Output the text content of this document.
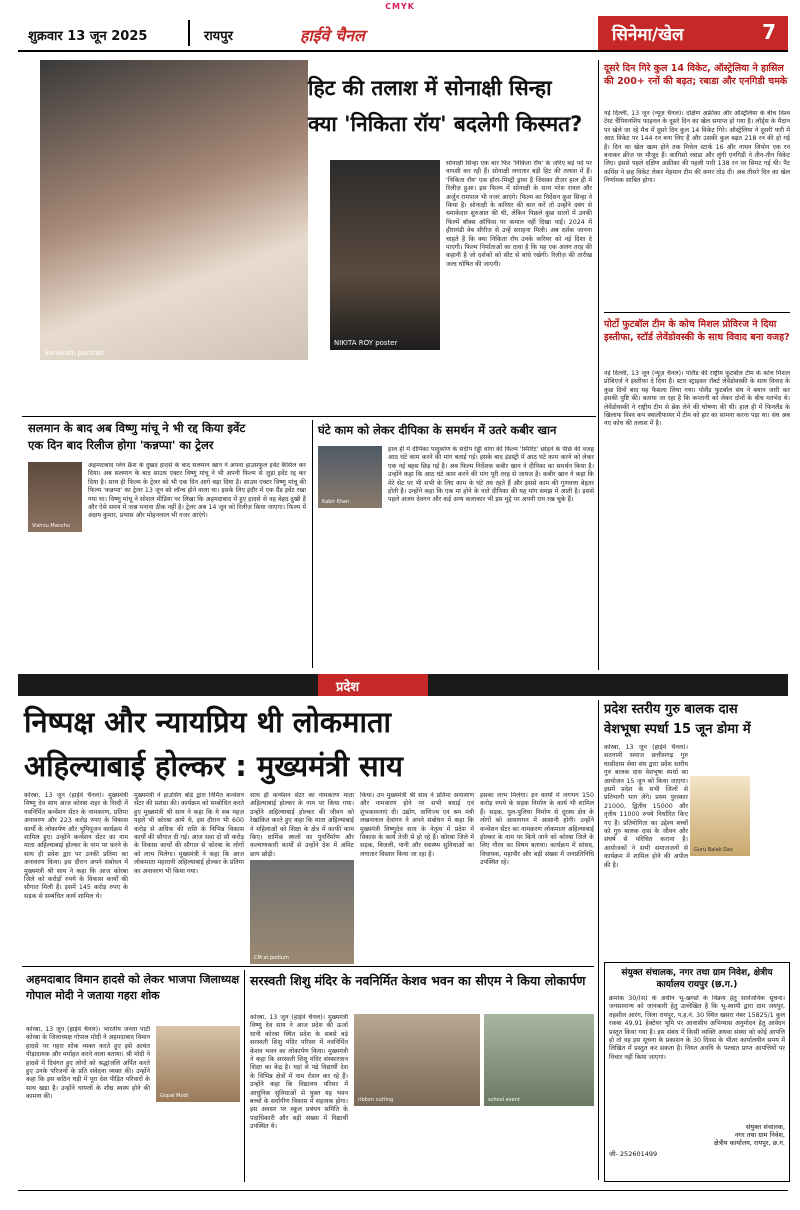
CMYK
शुक्रवार 13 जून 2025	रायपुर	हाईवे चैनल	सिनेमा/खेल	7
Sonakshi portrait
हिट की तलाश में सोनाक्षी सिन्हा
क्या 'निकिता रॉय' बदलेगी किस्मत?
NIKITA ROY poster
सोनाक्षी सिन्हा एक बार फिर 'निकिता रॉय' के जरिए बड़े पर्दे पर वापसी कर रही हैं। सोनाक्षी लगातार बड़ी हिट की तलाश में हैं। 'निकिता रॉय' एक हॉरर-मिस्ट्री ड्रामा है जिसका टीज़र हाल ही में रिलीज़ हुआ। इस फिल्म में सोनाक्षी के साथ परेश रावल और अर्जुन रामपाल भी नजर आएंगे। फिल्म का निर्देशन कुश सिन्हा ने किया है। सोनाक्षी के करियर की बात करें तो उन्होंने दबंग से धमाकेदार शुरुआत की थी, लेकिन पिछले कुछ सालों में उनकी फिल्में बॉक्स ऑफिस पर कमाल नहीं दिखा पाईं। 2024 में हीरामंडी वेब सीरीज से उन्हें सराहना मिली। अब दर्शक जानना चाहते हैं कि क्या निकिता रॉय उनके करियर को नई दिशा दे पाएगी। फिल्म निर्माताओं का दावा है कि यह एक अलग तरह की कहानी है जो दर्शकों को सीट से बांधे रखेगी। रिलीज़ की तारीख जल्द घोषित की जाएगी।
दूसरे दिन गिरे कुल 14 विकेट, ऑस्ट्रेलिया ने हासिल की 200+ रनों की बढ़त; रबाडा और एनगिडी चमके
नई दिल्ली, 13 जून (न्यूज़ चैनल)। दक्षिण अफ्रीका और ऑस्ट्रेलिया के बीच विश्व टेस्ट चैंपियनशिप फाइनल के दूसरे दिन का खेल समाप्त हो गया है। लॉर्ड्स के मैदान पर खेले जा रहे मैच में दूसरे दिन कुल 14 विकेट गिरे। ऑस्ट्रेलिया ने दूसरी पारी में आठ विकेट पर 144 रन बना लिए हैं और उसकी कुल बढ़त 218 रन की हो गई है। दिन का खेल खत्म होने तक मिचेल स्टार्क 16 और नाथन लियोन एक रन बनाकर क्रीज पर मौजूद हैं। कागिसो रबाडा और लुंगी एनगिडी ने तीन-तीन विकेट लिए। इससे पहले दक्षिण अफ्रीका की पहली पारी 138 रन पर सिमट गई थी। पैट कमिंस ने छह विकेट लेकर मेहमान टीम की कमर तोड़ दी। अब तीसरे दिन का खेल निर्णायक साबित होगा।
पोर्टो फुटबॉल टीम के कोच मिशल प्रोविरज ने दिया इस्तीफा, स्टॉर्ड लेवेंडोवस्की के साथ विवाद बना वजह?
नई दिल्ली, 13 जून (न्यूज़ चैनल)। पोलैंड की राष्ट्रीय फुटबॉल टीम के कोच मिशल प्रोबिएर्ज ने इस्तीफा दे दिया है। स्टार स्ट्राइकर रॉबर्ट लेवेंडोवस्की के साथ विवाद के कुछ दिनों बाद यह फैसला लिया गया। पोलैंड फुटबॉल संघ ने बयान जारी कर इसकी पुष्टि की। बताया जा रहा है कि कप्तानी को लेकर दोनों के बीच मतभेद थे। लेवेंडोवस्की ने राष्ट्रीय टीम से ब्रेक लेने की घोषणा की थी। हाल ही में फिनलैंड के खिलाफ विश्व कप क्वालीफायर में टीम को हार का सामना करना पड़ा था। संघ अब नए कोच की तलाश में है।
सलमान के बाद अब विष्णु मांचू ने भी रद्द किया इवेंट
एक दिन बाद रिलीज होगा 'कन्नप्पा' का ट्रेलर
Vishnu Manchu
अहमदाबाद प्लेन क्रैश के दुखद हादसे के बाद सलमान खान ने अपना हाउसफुल इवेंट कैंसिल कर दिया। अब सलमान के बाद साउथ एक्टर विष्णु मांचू ने भी अपनी फिल्म से जुड़ा इवेंट रद्द कर दिया है। साथ ही फिल्म के ट्रेलर को भी एक दिन आगे बढ़ा दिया है। साउथ एक्टर विष्णु मांचू की फिल्म 'कन्नप्पा' का ट्रेलर 13 जून को लॉन्च होने वाला था। इसके लिए इंदौर में एक ग्रैंड इवेंट रखा गया था। विष्णु मांचू ने सोशल मीडिया पर लिखा कि अहमदाबाद में हुए हादसे से वह बेहद दुखी हैं और ऐसे समय में जश्न मनाना ठीक नहीं है। ट्रेलर अब 14 जून को रिलीज़ किया जाएगा। फिल्म में अक्षय कुमार, प्रभास और मोहनलाल भी नजर आएंगे।
घंटे काम को लेकर दीपिका के समर्थन में उतरे कबीर खान
Kabir Khan
हाल ही में दीपिका पादुकोण के संदीप रेड्डी वांगा की फिल्म 'स्पिरिट' छोड़ने के पीछे की वजह आठ घंटे काम करने की मांग बताई गई। इसके बाद इंडस्ट्री में आठ घंटे काम करने को लेकर एक नई बहस छिड़ गई है। अब फिल्म निर्देशक कबीर खान ने दीपिका का समर्थन किया है। उन्होंने कहा कि आठ घंटे काम करने की मांग पूरी तरह से जायज है। कबीर खान ने कहा कि मेरे सेट पर भी सभी के लिए काम के घंटे तय रहते हैं और इससे काम की गुणवत्ता बेहतर होती है। उन्होंने कहा कि एक मां होने के नाते दीपिका की यह मांग समझ में आती है। इससे पहले अजय देवगन और कई अन्य कलाकार भी इस मुद्दे पर अपनी राय रख चुके हैं।
प्रदेश
निष्पक्ष और न्यायप्रिय थी लोकमाता
अहिल्याबाई होल्कर : मुख्यमंत्री साय
कोरबा, 13 जून (हाईवे चैनल)। मुख्यमंत्री विष्णु देव साय आज कोरबा शहर के रिस्दी में नवनिर्मित कन्वेंशन सेंटर के नामकरण, प्रतिमा अनावरण और 223 करोड़ रुपए के विकास कार्यों के लोकार्पण और भूमिपूजन कार्यक्रम में शामिल हुए। उन्होंने कन्वेंशन सेंटर का नाम माता अहिल्याबाई होल्कर के नाम पर करने के साथ ही प्रवेश द्वार पर उनकी प्रतिमा का अनावरण किया। इस दौरान अपने संबोधन में मुख्यमंत्री श्री साय ने कहा कि आज कोरबा जिले को करोड़ों रुपये के विकास कार्यों की सौगात मिली है। इसमें 145 करोड़ रुपए के सड़क से सम्बंधित कार्य शामिल थे।
मुख्यमंत्री ने हाउसिंग बोर्ड द्वारा निर्मित कन्वेंशन सेंटर की प्रशंसा की। कार्यक्रम को सम्बोधित करते हुए मुख्यमंत्री श्री साय ने कहा कि ये सब महज़ पहले भी कोरबा आये थे, इस दौरान भी 600 करोड़ से अधिक की राशि के विभिन्न विकास कार्यों की सौगात दी गई। आज सवा दो सौ करोड़ के विकास कार्यों की सौगात से कोरबा के लोगों को लाभ मिलेगा। मुख्यमंत्री ने कहा कि आज लोकमाता महारानी अहिल्याबाई होल्कर के प्रतिमा का अनावरण भी किया गया।
साथ ही कन्वेंशन सेंटर का नामकरण माता अहिल्याबाई होल्कर के नाम पर किया गया। उन्होंने अहिल्याबाई होल्कर की जीवन को रेखांकित करते हुए कहा कि माता अहिल्याबाई ने महिलाओं को शिक्षा के क्षेत्र में काफी काम किए। धार्मिक स्थलों का पुनर्निर्माण और कल्याणकारी कार्यों से उन्होंने देश में अमिट छाप छोड़ी।
CM at podium
किया। उप मुख्यमंत्री श्री साव ने प्रतिमा अनावरण और नामकरण होने पर सभी बधाई एवं शुभकामनाएं दी। उद्योग, वाणिज्य एवं श्रम मंत्री लखनलाल देवांगन ने अपने संबोधन में कहा कि मुख्यमंत्री विष्णुदेव साय के नेतृत्व में प्रदेश में विकास के कार्य तेजी से हो रहे हैं। कोरबा जिले में सड़क, बिजली, पानी और स्वास्थ्य सुविधाओं का लगातार विस्तार किया जा रहा है।
इसका लाभ मिलेगा। इन कार्यों में लगभग 150 करोड़ रुपये के सड़क निर्माण के कार्य भी शामिल हैं। सड़क, पुल-पुलिया निर्माण से दूरस्थ क्षेत्र के लोगों को आवागमन में आसानी होगी। उन्होंने कन्वेंशन सेंटर का नामकरण लोकमाता अहिल्याबाई होल्कर के नाम पर किये जाने को कोरबा जिले के लिए गौरव का विषय बताया। कार्यक्रम में सांसद, विधायक, महापौर और बड़ी संख्या में जनप्रतिनिधि उपस्थित रहे।
प्रदेश स्तरीय गुरु बालक दास
वेशभूषा स्पर्धा 15 जून डोमा में
Guru Balak Das
कोरबा, 13 जून (हाईवे चैनल)। सतनामी समाज छत्तीसगढ़ गुरु घासीदास सेवा संघ द्वारा प्रदेश स्तरीय गुरु बालक दास वेशभूषा स्पर्धा का आयोजन 15 जून को किया जाएगा। इसमें प्रदेश के सभी जिलों से प्रतिभागी भाग लेंगे। प्रथम पुरस्कार 21000, द्वितीय 15000 और तृतीय 11000 रुपये निर्धारित किए गए हैं। प्रतियोगिता का उद्देश्य बच्चों को गुरु बालक दास के जीवन और संघर्ष से परिचित कराना है। आयोजकों ने सभी समाजजनों से कार्यक्रम में शामिल होने की अपील की है।
संयुक्त संचालक, नगर तथा ग्राम निवेश, क्षेत्रीय कार्यालय रायपुर (छ.ग.)
क्रमांक 30/(स) के अधीन भू-खण्डों के विक्रय हेतु सार्वजनिक सूचना। जनसामान्य को जानकारी हेतु उल्लेखित है कि भू-स्वामी द्वारा ग्राम जयपुर, तहसील आरंग, जिला रायपुर, प.ह.नं. 30 स्थित खसरा नंबर 15825/1 कुल रकबा 49.91 हेक्टेयर भूमि पर आवासीय अभिन्यास अनुमोदन हेतु आवेदन प्रस्तुत किया गया है। इस संबंध में किसी व्यक्ति अथवा संस्था को कोई आपत्ति हो तो वह इस सूचना के प्रकाशन के 30 दिवस के भीतर कार्यालयीन समय में लिखित में प्रस्तुत कर सकता है। नियत अवधि के पश्चात प्राप्त आपत्तियों पर विचार नहीं किया जाएगा।
संयुक्त संचालक,
नगर तथा ग्राम निवेश,
क्षेत्रीय कार्यालय, रायपुर, छ.ग.
जी- 252601499
अहमदाबाद विमान हादसे को लेकर भाजपा जिलाध्यक्ष गोपाल मोदी ने जताया गहरा शोक
कोरबा, 13 जून (हाईवे चैनल)। भारतीय जनता पार्टी कोरबा के जिलाध्यक्ष गोपाल मोदी ने अहमदाबाद विमान हादसे पर गहरा शोक व्यक्त करते हुए इसे अत्यंत पीड़ादायक और मर्माहत करने वाला बताया। श्री मोदी ने हादसे में दिवंगत हुए लोगों को श्रद्धांजलि अर्पित करते हुए उनके परिजनों के प्रति संवेदना व्यक्त की। उन्होंने कहा कि इस कठिन घड़ी में पूरा देश पीड़ित परिवारों के साथ खड़ा है। उन्होंने घायलों के शीघ्र स्वस्थ होने की कामना की।	Gopal Modi
सरस्वती शिशु मंदिर के नवनिर्मित केशव भवन का सीएम ने किया लोकार्पण
कोरबा, 13 जून (हाईवे चैनल)। मुख्यमंत्री विष्णु देव साय ने आज प्रदेश की ऊर्जा धानी कोरबा स्थित प्रदेश के सबसे बड़े सरस्वती शिशु मंदिर परिसर में नवनिर्मित केशव भवन का लोकार्पण किया। मुख्यमंत्री ने कहा कि सरस्वती शिशु मंदिर संस्कारवान शिक्षा का केंद्र है। यहां से पढ़े विद्यार्थी देश के विभिन्न क्षेत्रों में नाम रोशन कर रहे हैं। उन्होंने कहा कि विद्यालय परिसर में आधुनिक सुविधाओं से युक्त यह भवन बच्चों के सर्वांगीण विकास में सहायक होगा। इस अवसर पर स्कूल प्रबंधन समिति के पदाधिकारी और बड़ी संख्या में विद्यार्थी उपस्थित थे।
ribbon cutting	school event
